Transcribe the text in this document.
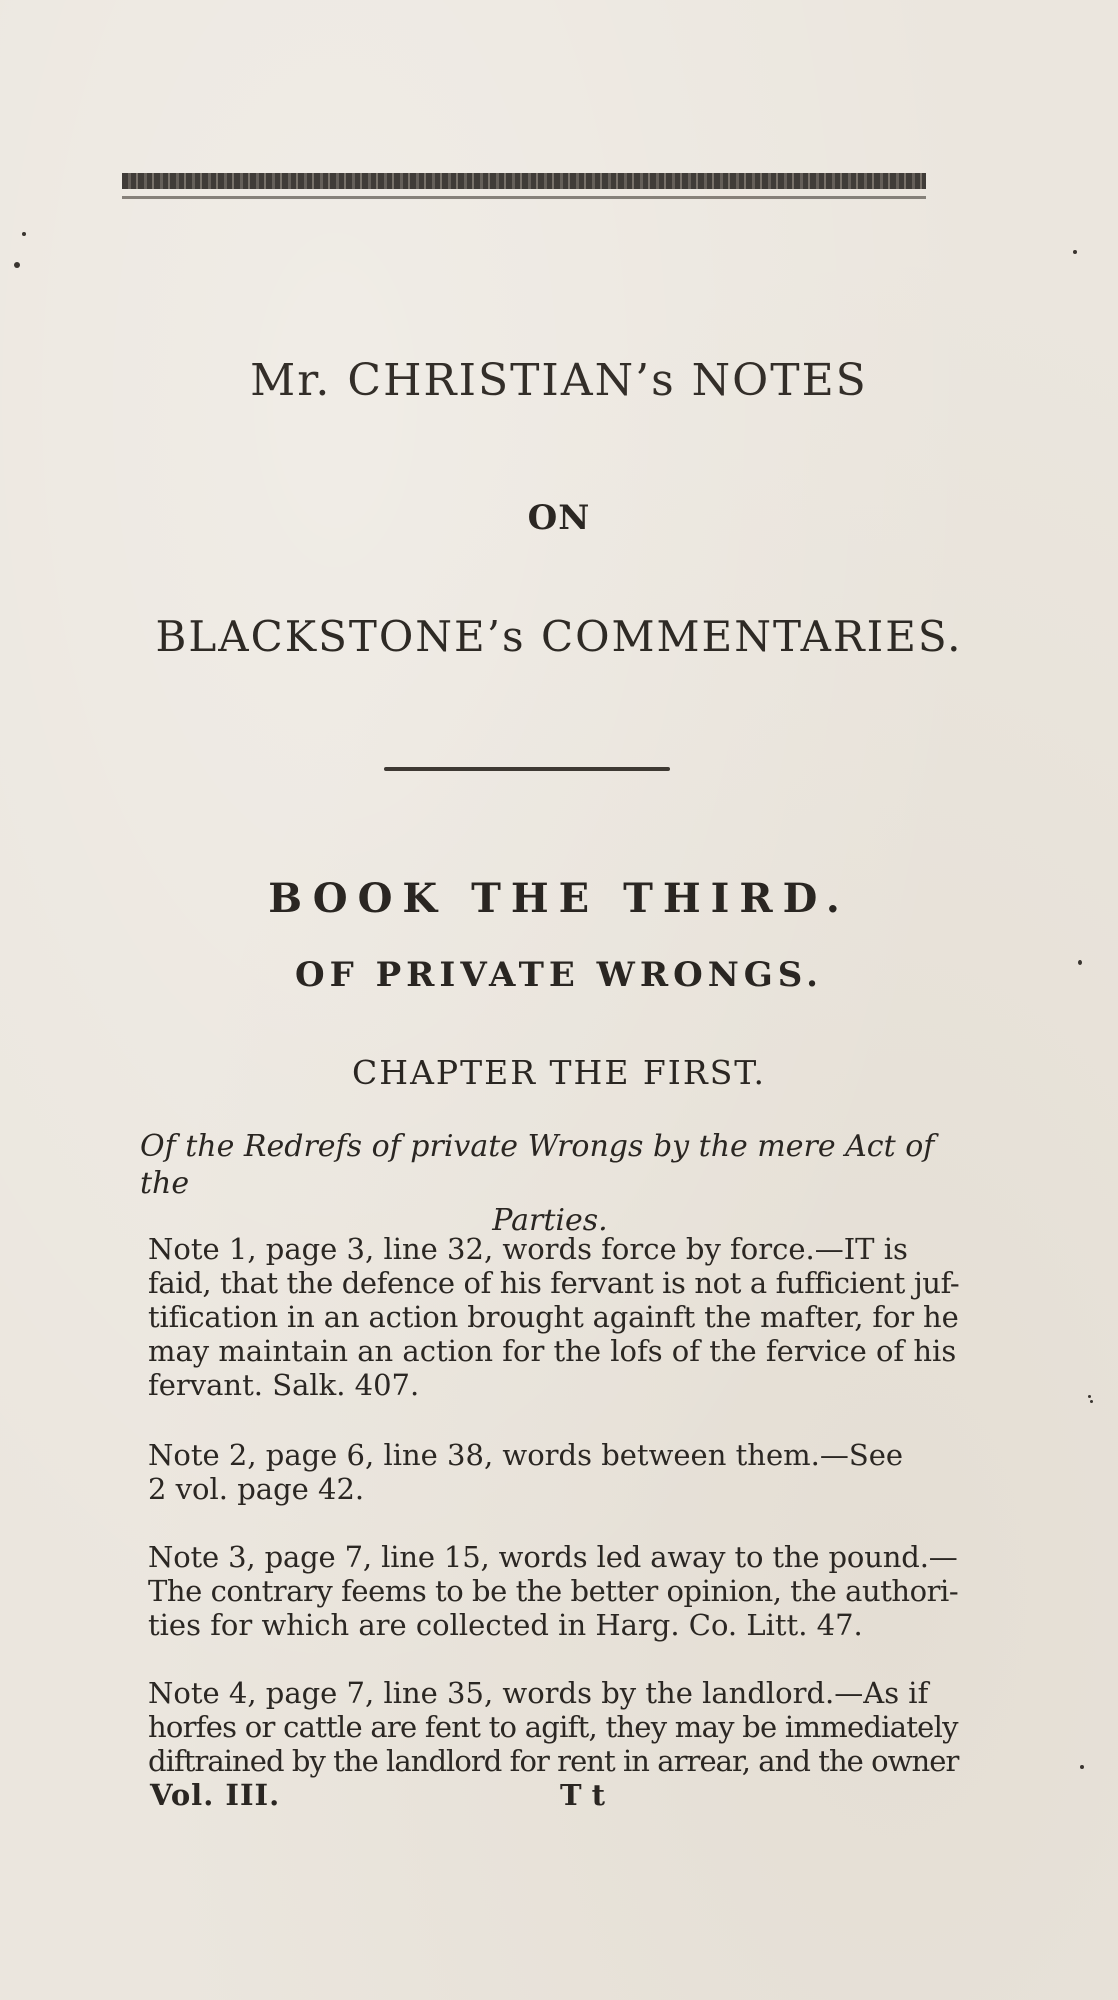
Mr. CHRISTIAN’s NOTES
ON
BLACKSTONE’s COMMENTARIES.
BOOK THE THIRD.
OF PRIVATE WRONGS.
CHAPTER THE FIRST.
Of the Redrefs of private Wrongs by the mere Act of the
Parties.
Note 1, page 3, line 32, words force by force.—IT is
faid, that the defence of his fervant is not a fufficient juf-
tification in an action brought againft the mafter, for he
may maintain an action for the lofs of the fervice of his
fervant. Salk. 407.
Note 2, page 6, line 38, words between them.—See
2 vol. page 42.
Note 3, page 7, line 15, words led away to the pound.—
The contrary feems to be the better opinion, the authori-
ties for which are collected in Harg. Co. Litt. 47.
Note 4, page 7, line 35, words by the landlord.—As if
horfes or cattle are fent to agift, they may be immediately
diftrained by the landlord for rent in arrear, and the owner
Vol. III.	T t
